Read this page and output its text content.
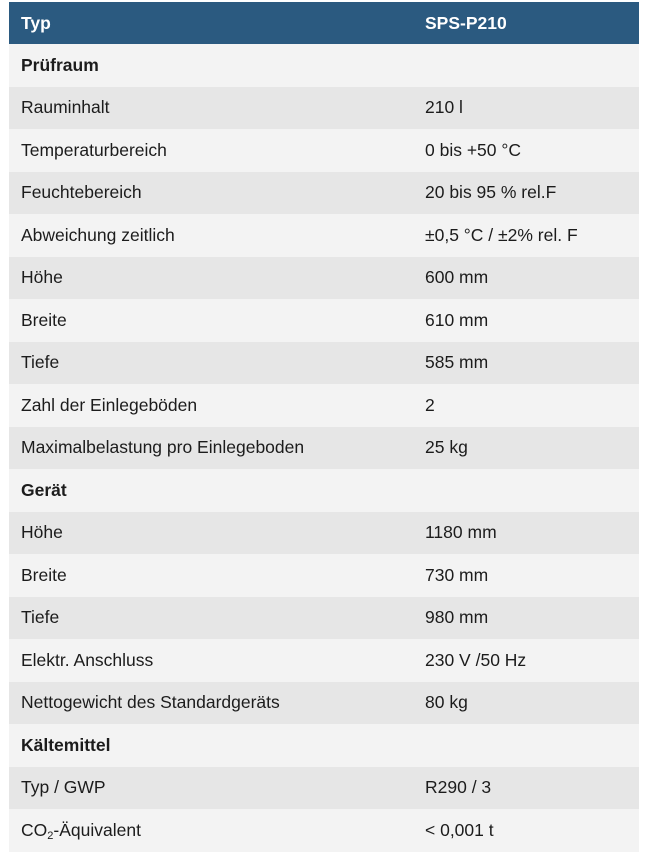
Typ	SPS-P210
Prüfraum	
Rauminhalt	210 l
Temperaturbereich	0 bis +50 °C
Feuchtebereich	20 bis 95 % rel.F
Abweichung zeitlich	±0,5 °C / ±2% rel. F
Höhe	600 mm
Breite	610 mm
Tiefe	585 mm
Zahl der Einlegeböden	2
Maximalbelastung pro Einlegeboden	25 kg
Gerät	
Höhe	1180 mm
Breite	730 mm
Tiefe	980 mm
Elektr. Anschluss	230 V /50 Hz
Nettogewicht des Standardgeräts	80 kg
Kältemittel	
Typ / GWP	R290 / 3
$CO_2$-Äquivalent	< 0,001 t
